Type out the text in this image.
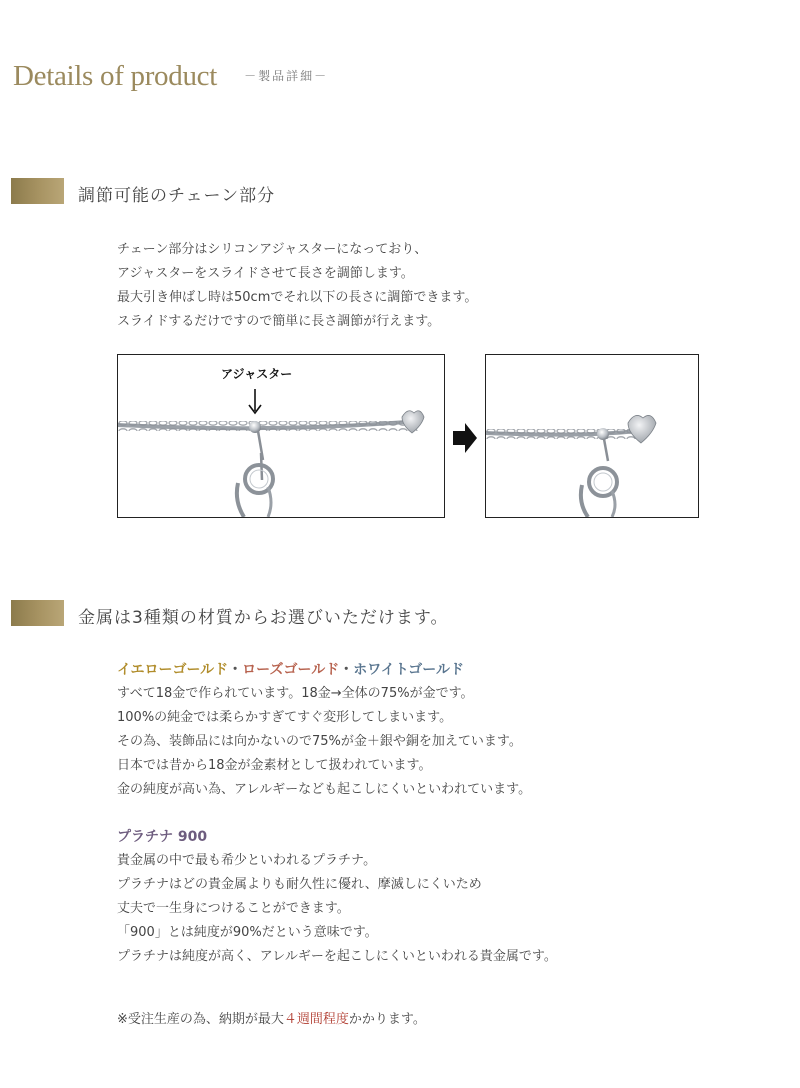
Details of product $^{-製品詳細-}$
調節可能のチェーン部分
チェーン部分はシリコンアジャスターになっており、
アジャスターをスライドさせて長さを調節します。
最大引き伸ばし時は50cmでそれ以下の長さに調節できます。
スライドするだけですので簡単に長さ調節が行えます。
アジャスター
金属は3種類の材質からお選びいただけます。
イエローゴールド・ローズゴールド・ホワイトゴールド
すべて18金で作られています。18金→全体の75%が金です。
100%の純金では柔らかすぎてすぐ変形してしまいます。
その為、装飾品には向かないので75%が金＋銀や銅を加えています。
日本では昔から18金が金素材として扱われています。
金の純度が高い為、アレルギーなども起こしにくいといわれています。
プラチナ 900
貴金属の中で最も希少といわれるプラチナ。
プラチナはどの貴金属よりも耐久性に優れ、摩滅しにくいため
丈夫で一生身につけることができます。
「900」とは純度が90%だという意味です。
プラチナは純度が高く、アレルギーを起こしにくいといわれる貴金属です。
※受注生産の為、納期が最大４週間程度かかります。
